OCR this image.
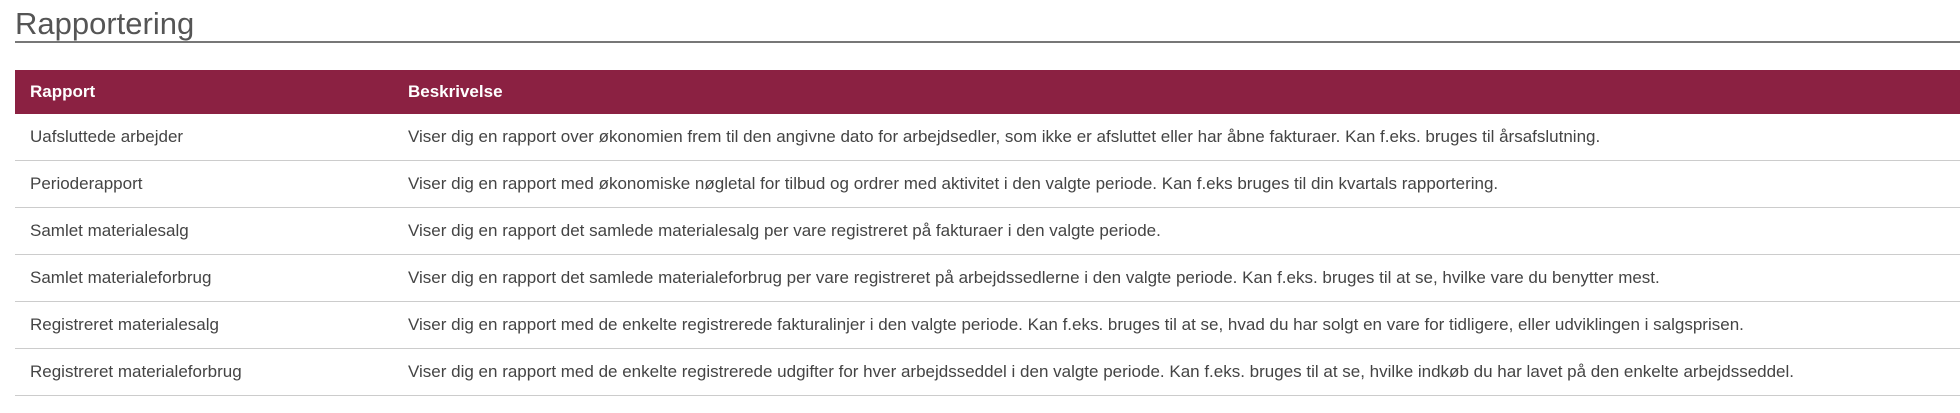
Rapportering
Rapport	Beskrivelse
Uafsluttede arbejder	Viser dig en rapport over økonomien frem til den angivne dato for arbejdsedler, som ikke er afsluttet eller har åbne fakturaer. Kan f.eks. bruges til årsafslutning.
Perioderapport	Viser dig en rapport med økonomiske nøgletal for tilbud og ordrer med aktivitet i den valgte periode. Kan f.eks bruges til din kvartals rapportering.
Samlet materialesalg	Viser dig en rapport det samlede materialesalg per vare registreret på fakturaer i den valgte periode.
Samlet materialeforbrug	Viser dig en rapport det samlede materialeforbrug per vare registreret på arbejdssedlerne i den valgte periode. Kan f.eks. bruges til at se, hvilke vare du benytter mest.
Registreret materialesalg	Viser dig en rapport med de enkelte registrerede fakturalinjer i den valgte periode. Kan f.eks. bruges til at se, hvad du har solgt en vare for tidligere, eller udviklingen i salgsprisen.
Registreret materialeforbrug	Viser dig en rapport med de enkelte registrerede udgifter for hver arbejdsseddel i den valgte periode. Kan f.eks. bruges til at se, hvilke indkøb du har lavet på den enkelte arbejdsseddel.
